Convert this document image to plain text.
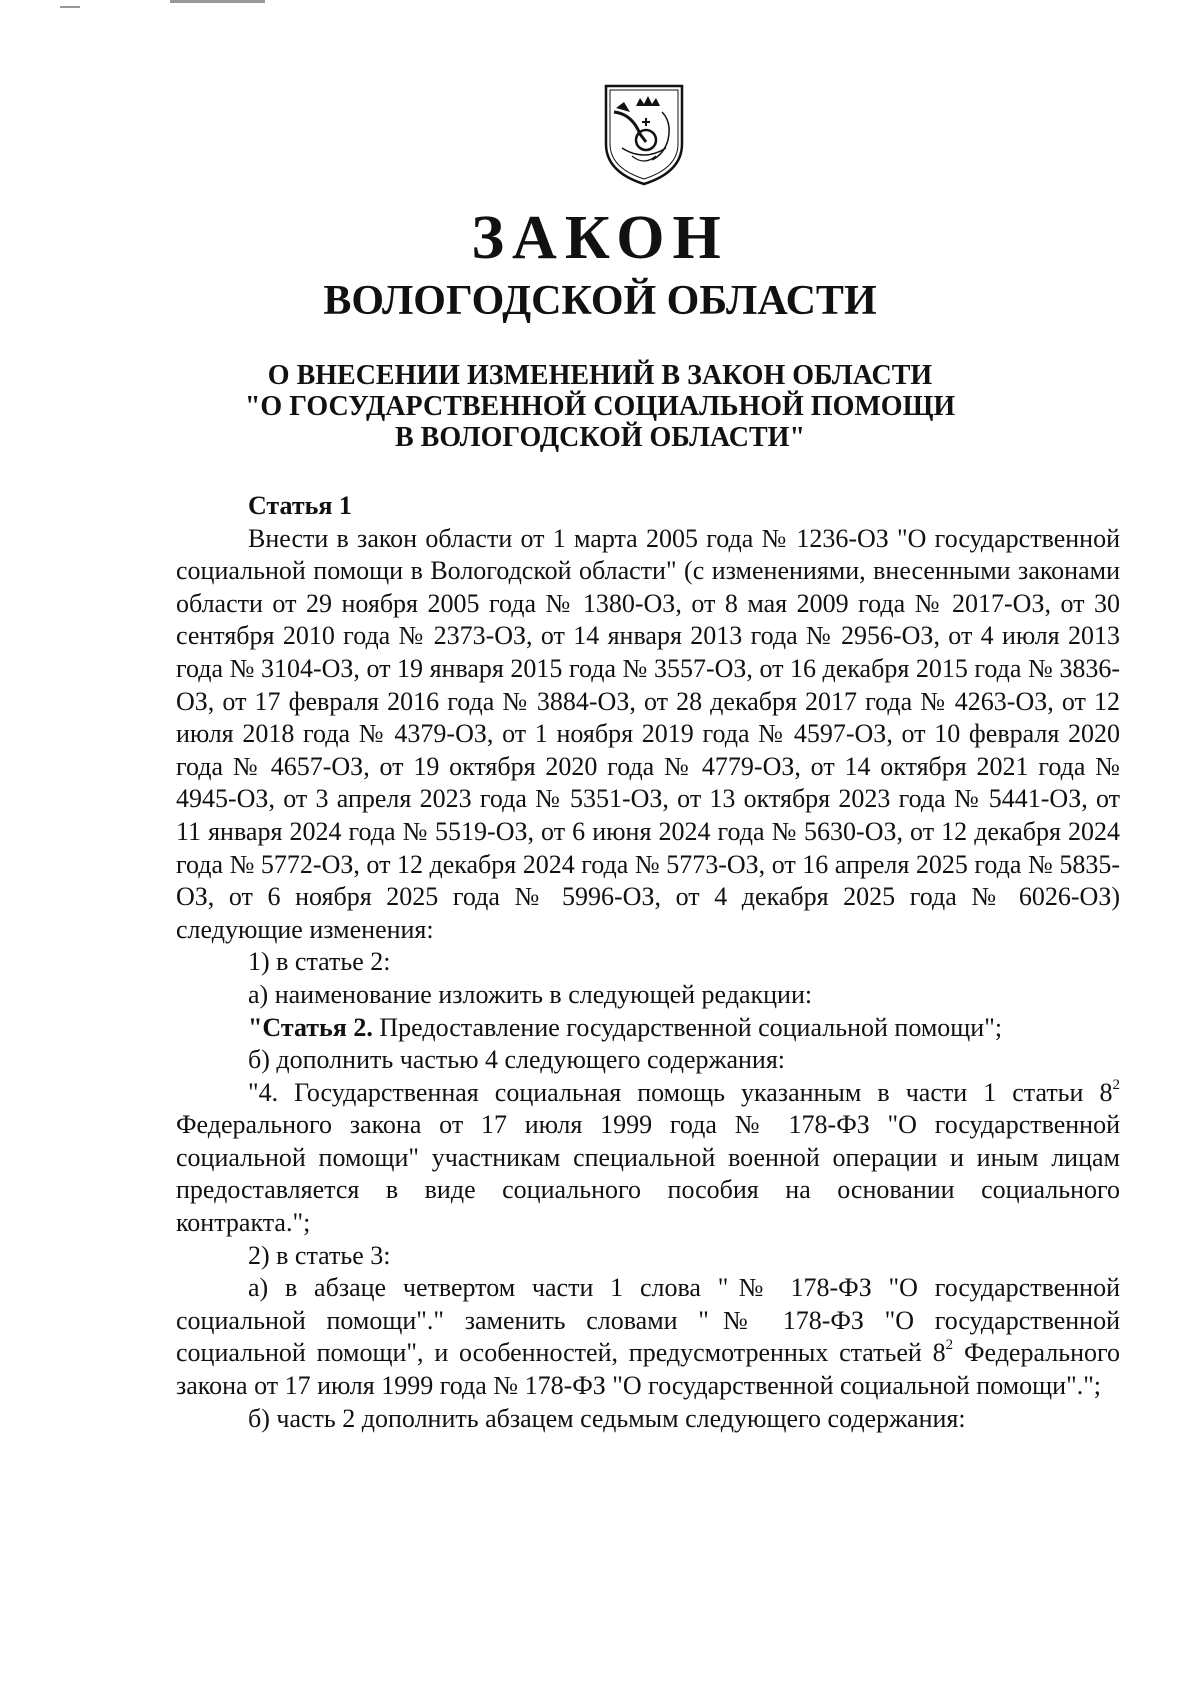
ЗАКОН
ВОЛОГОДСКОЙ ОБЛАСТИ
О ВНЕСЕНИИ ИЗМЕНЕНИЙ В ЗАКОН ОБЛАСТИ
"О ГОСУДАРСТВЕННОЙ СОЦИАЛЬНОЙ ПОМОЩИ
В ВОЛОГОДСКОЙ ОБЛАСТИ"
Статья 1

Внести в закон области от 1 марта 2005 года № 1236-ОЗ "О государственной социальной помощи в Вологодской области" (с изменениями, внесенными законами области от 29 ноября 2005 года № 1380-ОЗ, от 8 мая 2009 года № 2017-ОЗ, от 30 сентября 2010 года № 2373-ОЗ, от 14 января 2013 года № 2956-ОЗ, от 4 июля 2013 года № 3104-ОЗ, от 19 января 2015 года № 3557-ОЗ, от 16 декабря 2015 года № 3836-ОЗ, от 17 февраля 2016 года № 3884-ОЗ, от 28 декабря 2017 года № 4263-ОЗ, от 12 июля 2018 года № 4379-ОЗ, от 1 ноября 2019 года № 4597-ОЗ, от 10 февраля 2020 года № 4657-ОЗ, от 19 октября 2020 года № 4779-ОЗ, от 14 октября 2021 года № 4945-ОЗ, от 3 апреля 2023 года № 5351-ОЗ, от 13 октября 2023 года № 5441-ОЗ, от 11 января 2024 года № 5519-ОЗ, от 6 июня 2024 года № 5630-ОЗ, от 12 декабря 2024 года № 5772-ОЗ, от 12 декабря 2024 года № 5773-ОЗ, от 16 апреля 2025 года № 5835-ОЗ, от 6 ноября 2025 года № 5996-ОЗ, от 4 декабря 2025 года № 6026-ОЗ) следующие изменения:

1) в статье 2:

а) наименование изложить в следующей редакции:

"Статья 2. Предоставление государственной социальной помощи";

б) дополнить частью 4 следующего содержания:

"4. Государственная социальная помощь указанным в части 1 статьи $8^2$ Федерального закона от 17 июля 1999 года № 178-ФЗ "О государственной социальной помощи" участникам специальной военной операции и иным лицам предоставляется в виде социального пособия на основании социального контракта.";

2) в статье 3:

а) в абзаце четвертом части 1 слова "№ 178-ФЗ "О государственной социальной помощи"." заменить словами "№ 178-ФЗ "О государственной социальной помощи", и особенностей, предусмотренных статьей $8^2$ Федерального закона от 17 июля 1999 года № 178-ФЗ "О государственной социальной помощи".";

б) часть 2 дополнить абзацем седьмым следующего содержания:
